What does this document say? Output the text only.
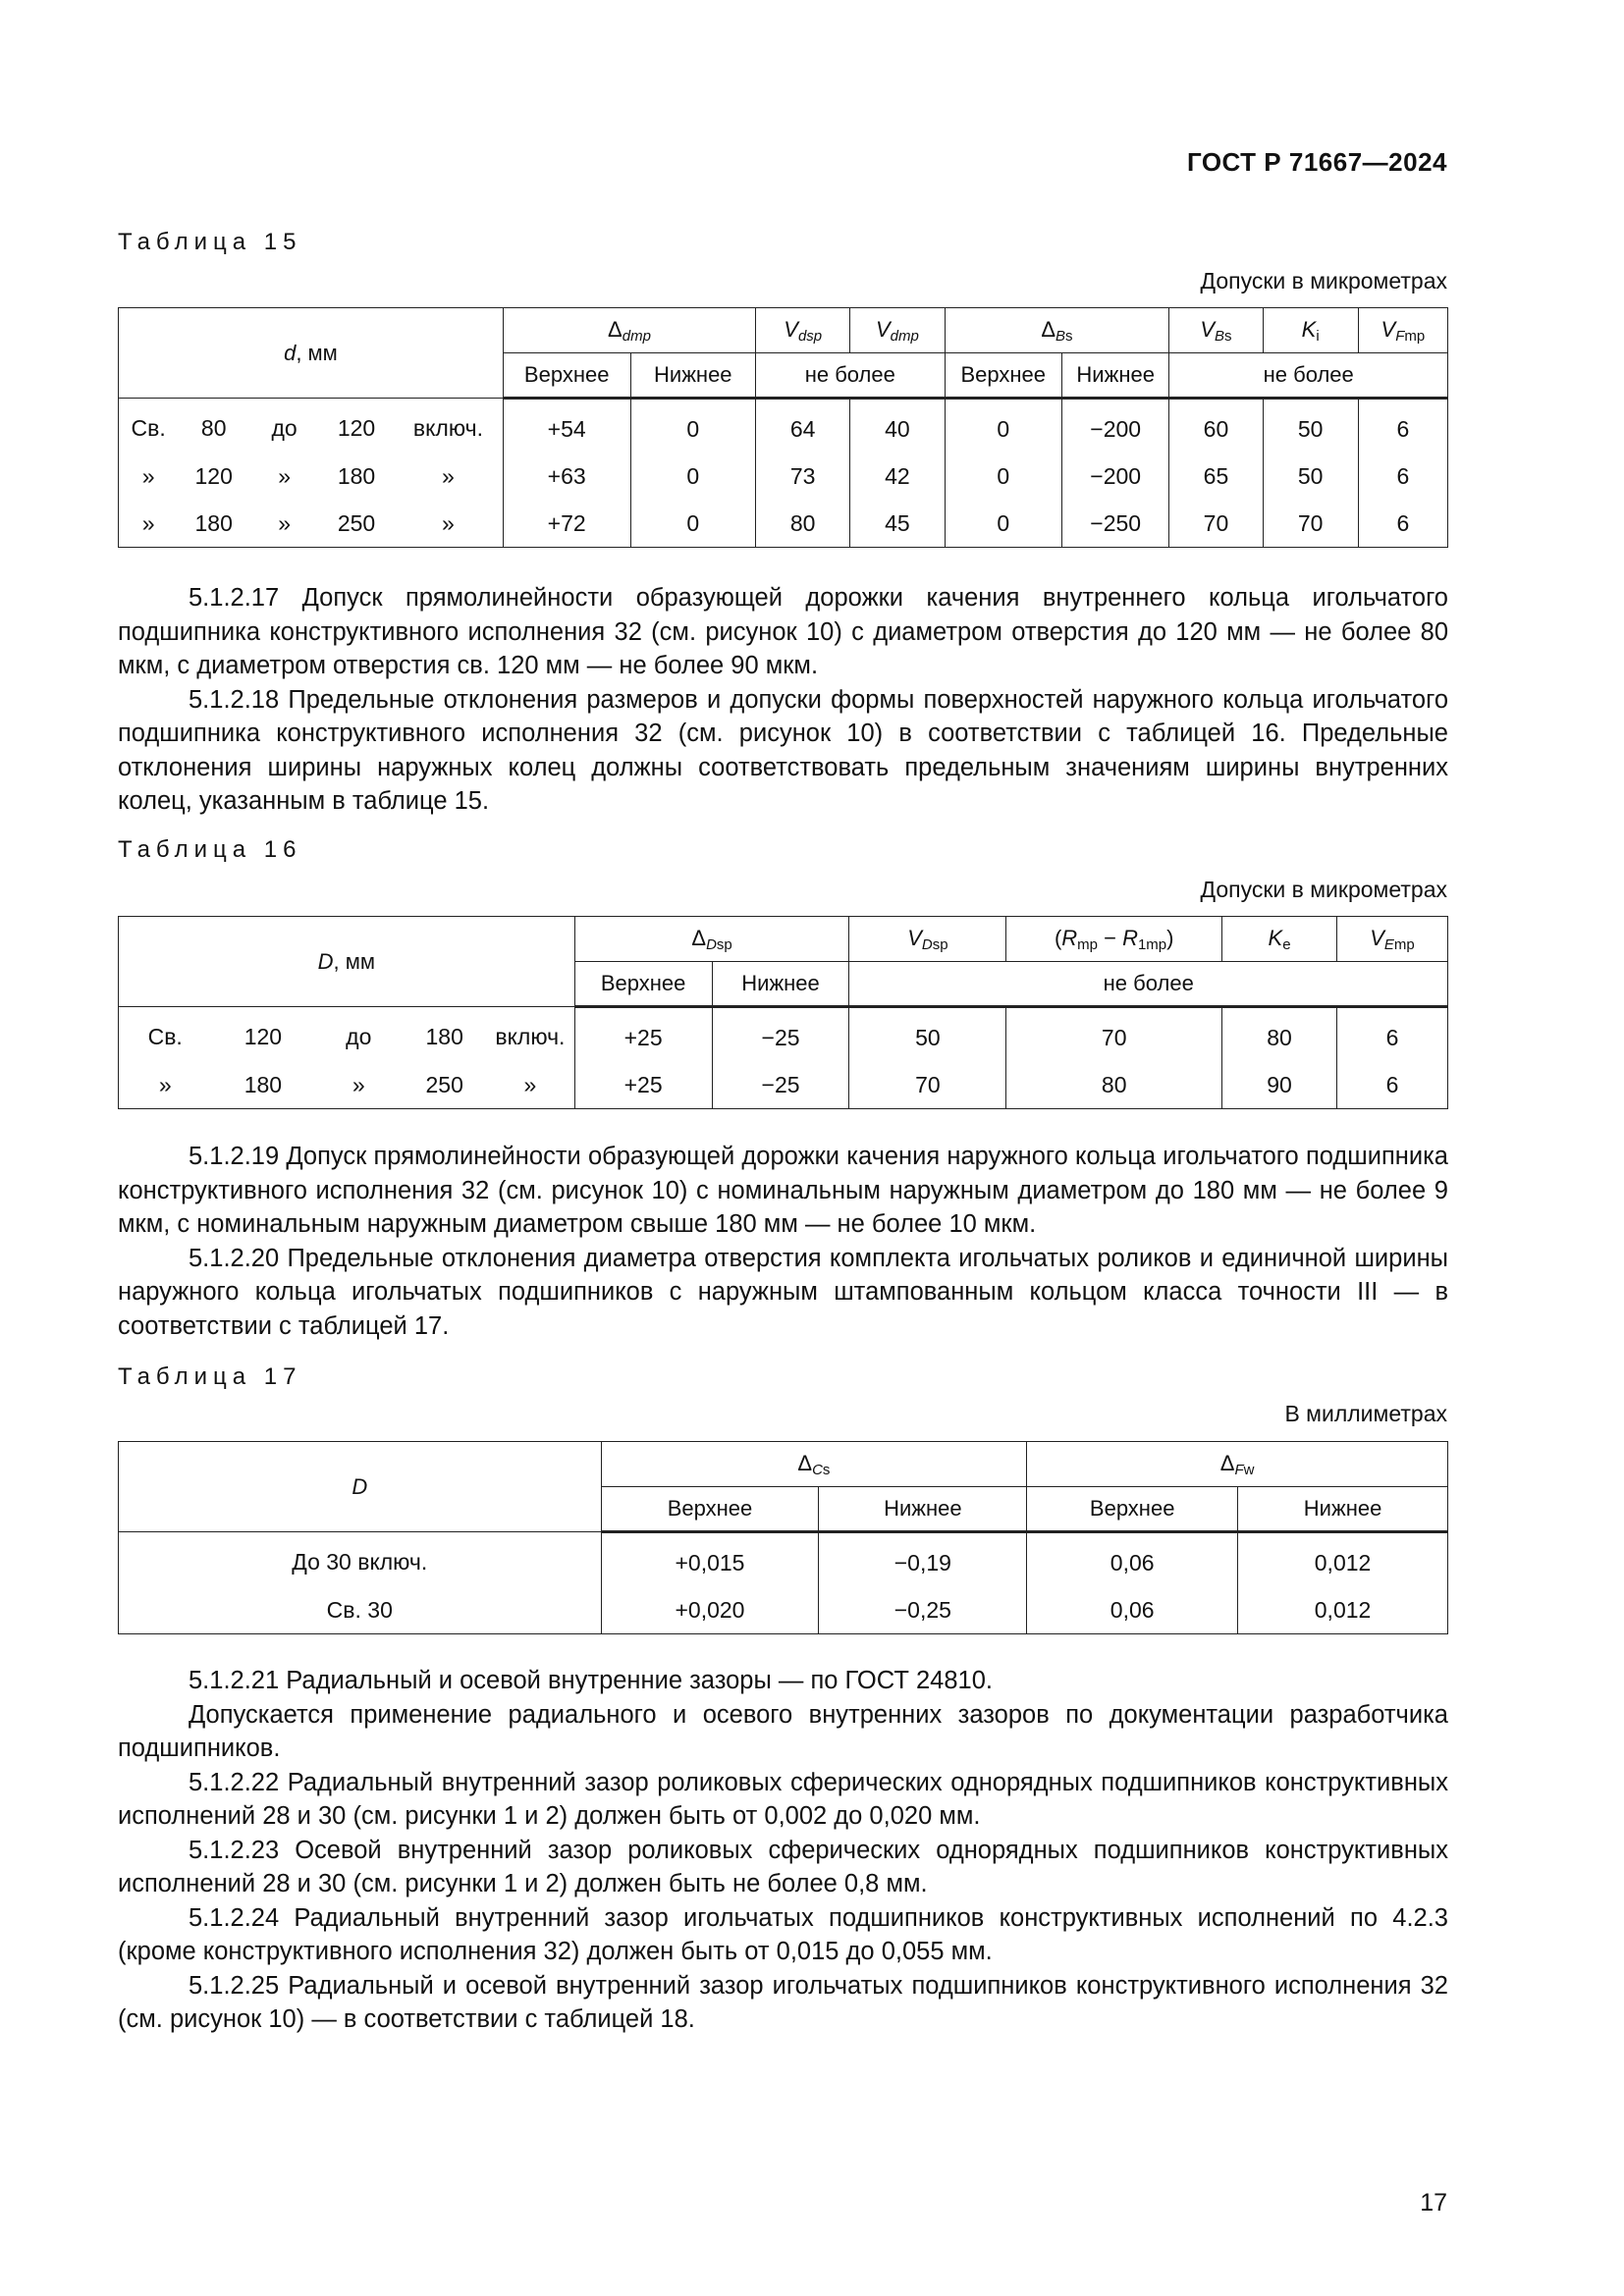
ГОСТ Р 71667—2024
Таблица 15
Допуски в микрометрах
d, мм					$\Delta_{dmp}$		$V_{dsp}$	$V_{dmp}$	$\Delta_{Bs}$		$V_{Bs}$	$K_i$	$V_{Fmp}$
					Верхнее	Нижнее	не более		Верхнее	Нижнее	не более		
Св.	80	до	120	включ.	+54	0	64	40	0	−200	60	50	6
»	120	»	180	»	+63	0	73	42	0	−200	65	50	6
»	180	»	250	»	+72	0	80	45	0	−250	70	70	6

5.1.2.17 Допуск прямолинейности образующей дорожки качения внутреннего кольца игольчатого подшипника конструктивного исполнения 32 (см. рисунок 10) с диаметром отверстия до 120 мм — не более 80 мкм, с диаметром отверстия св. 120 мм — не более 90 мкм.

5.1.2.18 Предельные отклонения размеров и допуски формы поверхностей наружного кольца игольчатого подшипника конструктивного исполнения 32 (см. рисунок 10) в соответствии с таблицей 16. Предельные отклонения ширины наружных колец должны соответствовать предельным значениям ширины внутренних колец, указанным в таблице 15.

Таблица 16
Допуски в микрометрах
D, мм					$\Delta_{Dsp}$		$V_{Dsp}$	$(R_{mp} - R_{1mp})$	$K_e$	$V_{Emp}$
					Верхнее	Нижнее	не более			
Св.	120	до	180	включ.	+25	−25	50	70	80	6
»	180	»	250	»	+25	−25	70	80	90	6

5.1.2.19 Допуск прямолинейности образующей дорожки качения наружного кольца игольчатого подшипника конструктивного исполнения 32 (см. рисунок 10) с номинальным наружным диаметром до 180 мм — не более 9 мкм, с номинальным наружным диаметром свыше 180 мм — не более 10 мкм.

5.1.2.20 Предельные отклонения диаметра отверстия комплекта игольчатых роликов и единичной ширины наружного кольца игольчатых подшипников с наружным штампованным кольцом класса точности III — в соответствии с таблицей 17.

Таблица 17
В миллиметрах
D	$\Delta_{Cs}$		$\Delta_{Fw}$
	Верхнее	Нижнее	Верхнее	Нижнее
До 30 включ.	+0,015	−0,19	0,06	0,012
Св. 30	+0,020	−0,25	0,06	0,012

5.1.2.21 Радиальный и осевой внутренние зазоры — по ГОСТ 24810.

Допускается применение радиального и осевого внутренних зазоров по документации разработчика подшипников.

5.1.2.22 Радиальный внутренний зазор роликовых сферических однорядных подшипников конструктивных исполнений 28 и 30 (см. рисунки 1 и 2) должен быть от 0,002 до 0,020 мм.

5.1.2.23 Осевой внутренний зазор роликовых сферических однорядных подшипников конструктивных исполнений 28 и 30 (см. рисунки 1 и 2) должен быть не более 0,8 мм.

5.1.2.24 Радиальный внутренний зазор игольчатых подшипников конструктивных исполнений по 4.2.3 (кроме конструктивного исполнения 32) должен быть от 0,015 до 0,055 мм.

5.1.2.25 Радиальный и осевой внутренний зазор игольчатых подшипников конструктивного исполнения 32 (см. рисунок 10) — в соответствии с таблицей 18.

17
